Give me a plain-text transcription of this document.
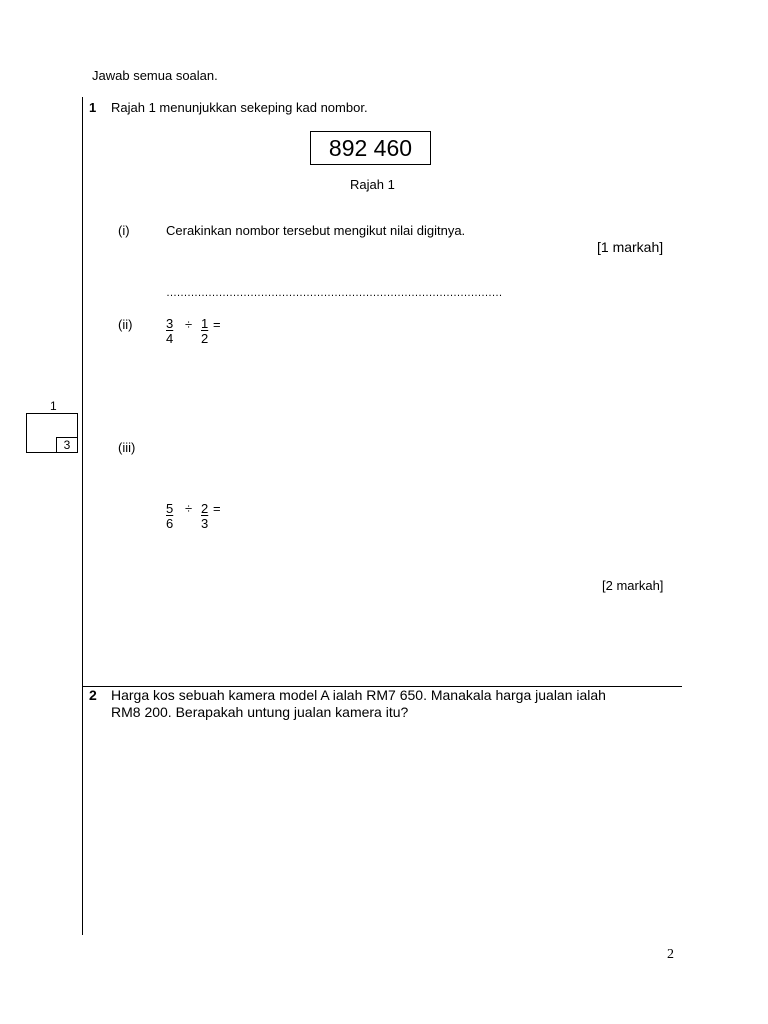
Jawab semua soalan.
1 Rajah 1 menunjukkan sekeping kad nombor.
892 460
Rajah 1
(i)	Cerakinkan nombor tersebut mengikut nilai digitnya.
[1 markah]
……………………………………………………………………………………
(ii)	$\frac{3}{4} \div \frac{1}{2}$ =
3
1
(iii)
$\frac{5}{6} \div \frac{2}{3}$ =
[2 markah]
2 Harga kos sebuah kamera model A ialah RM7 650. Manakala harga jualan ialah
RM8 200. Berapakah untung jualan kamera itu?
2
